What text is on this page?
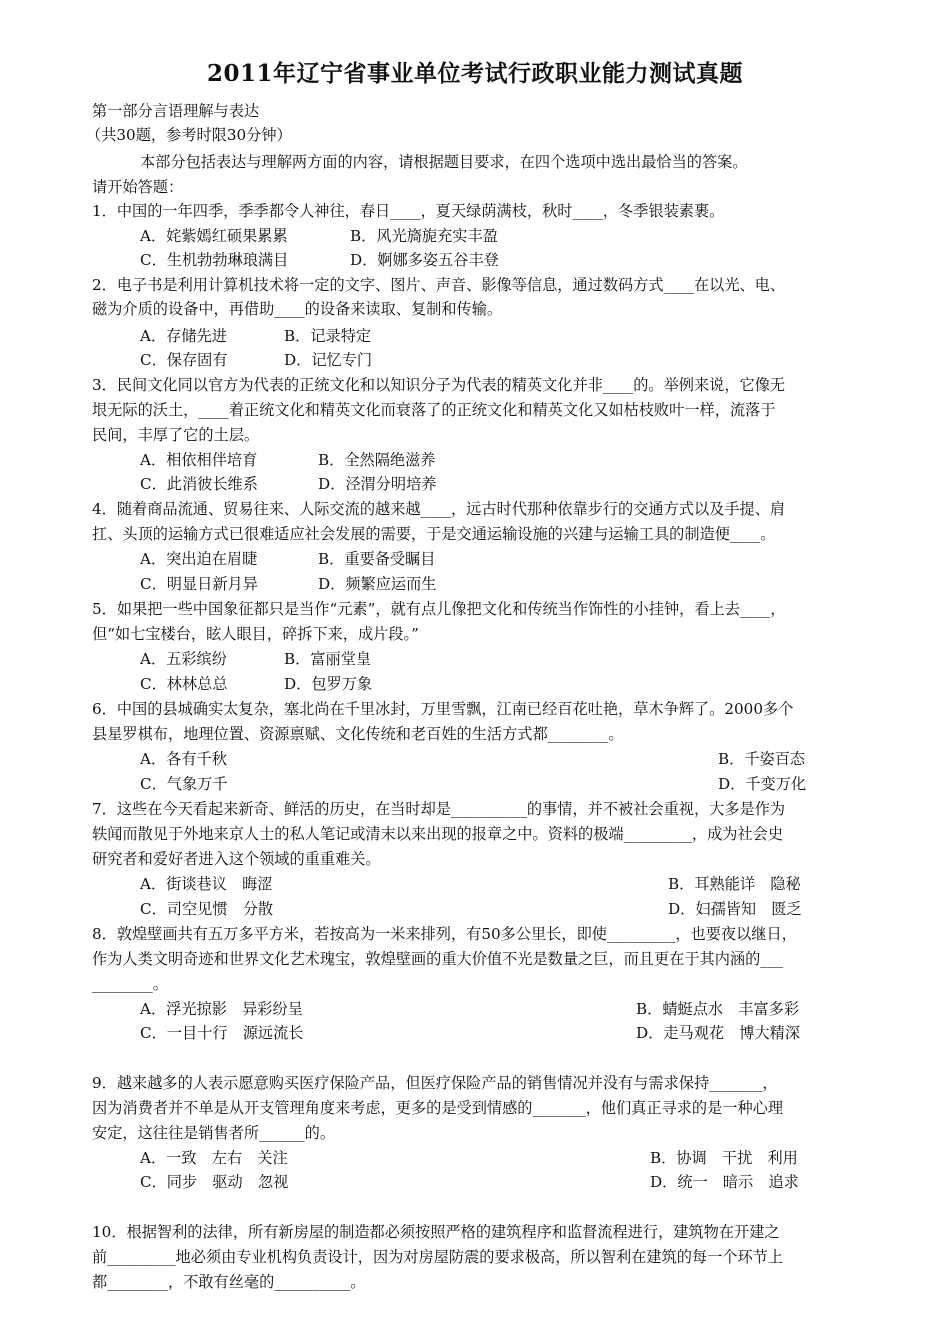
2011年辽宁省事业单位考试行政职业能力测试真题
第一部分言语理解与表达
（共30题，参考时限30分钟）
本部分包括表达与理解两方面的内容，请根据题目要求，在四个选项中选出最恰当的答案。
请开始答题：
1．中国的一年四季，季季都令人神往，春日____，夏天绿荫满枝，秋时____，冬季银装素裹。
A．姹紫嫣红硕果累累	B．风光旖旎充实丰盈
C．生机勃勃琳琅满目	D．婀娜多姿五谷丰登
2．电子书是利用计算机技术将一定的文字、图片、声音、影像等信息，通过数码方式____在以光、电、
磁为介质的设备中，再借助____的设备来读取、复制和传输。
A．存储先进	B．记录特定
C．保存固有	D．记忆专门
3．民间文化同以官方为代表的正统文化和以知识分子为代表的精英文化并非____的。举例来说，它像无
垠无际的沃土，____着正统文化和精英文化而衰落了的正统文化和精英文化又如枯枝败叶一样，流落于
民间，丰厚了它的土层。
A．相依相伴培育	B．全然隔绝滋养
C．此消彼长维系	D．泾渭分明培养
4．随着商品流通、贸易往来、人际交流的越来越____，远古时代那种依靠步行的交通方式以及手提、肩
扛、头顶的运输方式已很难适应社会发展的需要，于是交通运输设施的兴建与运输工具的制造便____。
A．突出迫在眉睫	B．重要备受瞩目
C．明显日新月异	D．频繁应运而生
5．如果把一些中国象征都只是当作“元素”，就有点儿像把文化和传统当作饰性的小挂钟，看上去____，
但“如七宝楼台，眩人眼目，碎拆下来，成片段。”
A．五彩缤纷	B．富丽堂皇
C．林林总总	D．包罗万象
6．中国的县城确实太复杂，塞北尚在千里冰封，万里雪飘，江南已经百花吐艳，草木争辉了。2000多个
县星罗棋布，地理位置、资源禀赋、文化传统和老百姓的生活方式都________。
A．各有千秋	B．千姿百态
C．气象万千	D．千变万化
7．这些在今天看起来新奇、鲜活的历史，在当时却是__________的事情，并不被社会重视，大多是作为
轶闻而散见于外地来京人士的私人笔记或清末以来出现的报章之中。资料的极端_________，成为社会史
研究者和爱好者进入这个领域的重重难关。
A．街谈巷议　晦涩	B．耳熟能详　隐秘
C．司空见惯　分散	D．妇孺皆知　匮乏
8．敦煌壁画共有五万多平方米，若按高为一米来排列，有50多公里长，即使_________，也要夜以继日，
作为人类文明奇迹和世界文化艺术瑰宝，敦煌壁画的重大价值不光是数量之巨，而且更在于其内涵的___
________。
A．浮光掠影　异彩纷呈	B．蜻蜓点水　丰富多彩
C．一目十行　源远流长	D．走马观花　博大精深
9．越来越多的人表示愿意购买医疗保险产品，但医疗保险产品的销售情况并没有与需求保持_______，
因为消费者并不单是从开支管理角度来考虑，更多的是受到情感的_______，他们真正寻求的是一种心理
安定，这往往是销售者所______的。
A．一致　左右　关注	B．协调　干扰　利用
C．同步　驱动　忽视	D．统一　暗示　追求
10．根据智利的法律，所有新房屋的制造都必须按照严格的建筑程序和监督流程进行，建筑物在开建之
前_________地必须由专业机构负责设计，因为对房屋防震的要求极高，所以智利在建筑的每一个环节上
都________，不敢有丝毫的__________。
